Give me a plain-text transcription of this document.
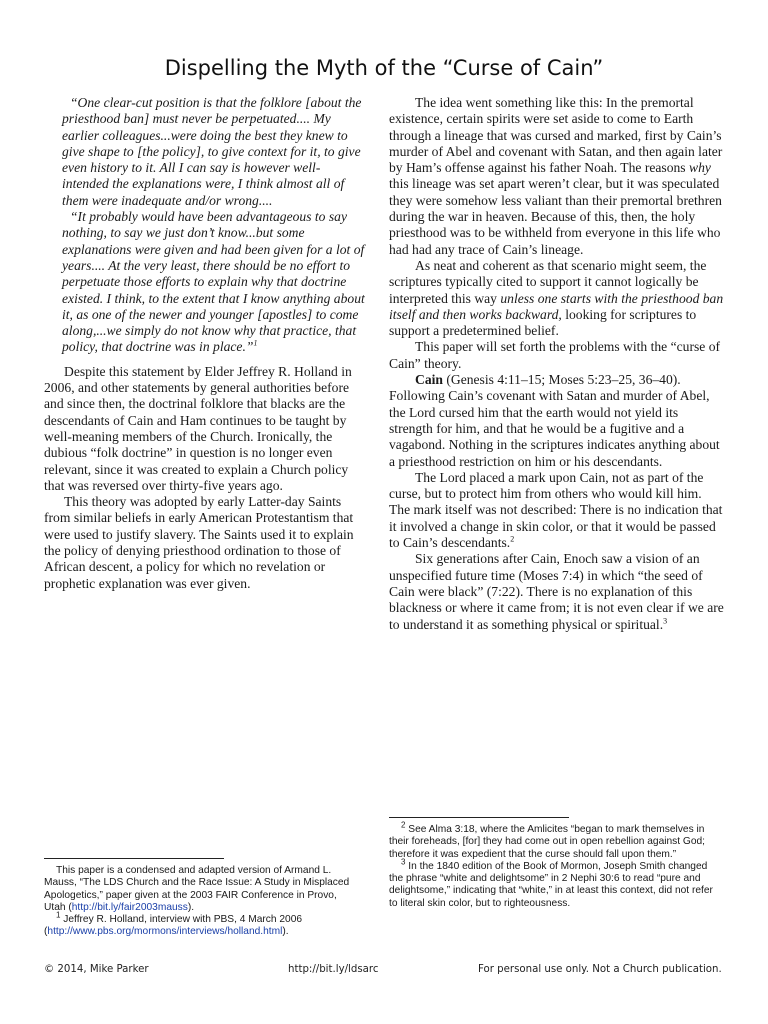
Dispelling the Myth of the “Curse of Cain”

“One clear-cut position is that the folklore [about the priesthood ban] must never be perpetuated.... My earlier colleagues...were doing the best they knew to give shape to [the policy], to give context for it, to give even history to it. All I can say is however well-intended the explanations were, I think almost all of them were inadequate and/or wrong....

“It probably would have been advantageous to say nothing, to say we just don’t know...but some explanations were given and had been given for a lot of years.... At the very least, there should be no effort to perpetuate those efforts to explain why that doctrine existed. I think, to the extent that I know anything about it, as one of the newer and younger [apostles] to come along,...we simply do not know why that practice, that policy, that doctrine was in place.”$^1$

Despite this statement by Elder Jeffrey R. Holland in 2006, and other statements by general authorities before and since then, the doctrinal folklore that blacks are the descendants of Cain and Ham continues to be taught by well-meaning members of the Church. Ironically, the dubious “folk doctrine” in question is no longer even relevant, since it was created to explain a Church policy that was reversed over thirty-five years ago.

This theory was adopted by early Latter-day Saints from similar beliefs in early American Protestantism that were used to justify slavery. The Saints used it to explain the policy of denying priesthood ordination to those of African descent, a policy for which no revelation or prophetic explanation was ever given.

The idea went something like this: In the premortal existence, certain spirits were set aside to come to Earth through a lineage that was cursed and marked, first by Cain’s murder of Abel and covenant with Satan, and then again later by Ham’s offense against his father Noah. The reasons why this lineage was set apart weren’t clear, but it was speculated they were somehow less valiant than their premortal brethren during the war in heaven. Because of this, then, the holy priesthood was to be withheld from everyone in this life who had had any trace of Cain’s lineage.

As neat and coherent as that scenario might seem, the scriptures typically cited to support it cannot logically be interpreted this way unless one starts with the priesthood ban itself and then works backward, looking for scriptures to support a predetermined belief.

This paper will set forth the problems with the “curse of Cain” theory.

Cain (Genesis 4:11–15; Moses 5:23–25, 36–40). Following Cain’s covenant with Satan and murder of Abel, the Lord cursed him that the earth would not yield its strength for him, and that he would be a fugitive and a vagabond. Nothing in the scriptures indicates anything about a priesthood restriction on him or his descendants.

The Lord placed a mark upon Cain, not as part of the curse, but to protect him from others who would kill him. The mark itself was not described: There is no indication that it involved a change in skin color, or that it would be passed to Cain’s descendants.$^2$

Six generations after Cain, Enoch saw a vision of an unspecified future time (Moses 7:4) in which “the seed of Cain were black” (7:22). There is no explanation of this blackness or where it came from; it is not even clear if we are to understand it as something physical or spiritual.$^3$

This paper is a condensed and adapted version of Armand L. Mauss, “The LDS Church and the Race Issue: A Study in Misplaced Apologetics,” paper given at the 2003 FAIR Conference in Provo, Utah (http://bit.ly/fair2003mauss).

$^1$ Jeffrey R. Holland, interview with PBS, 4 March 2006 (http://www.pbs.org/mormons/interviews/holland.html).

$^2$ See Alma 3:18, where the Amlicites “began to mark themselves in their foreheads, [for] they had come out in open rebellion against God; therefore it was expedient that the curse should fall upon them.”

$^3$ In the 1840 edition of the Book of Mormon, Joseph Smith changed the phrase “white and delightsome” in 2 Nephi 30:6 to read “pure and delightsome,” indicating that “white,” in at least this context, did not refer to literal skin color, but to righteousness.

© 2014, Mike Parker	http://bit.ly/ldsarc	For personal use only. Not a Church publication.
